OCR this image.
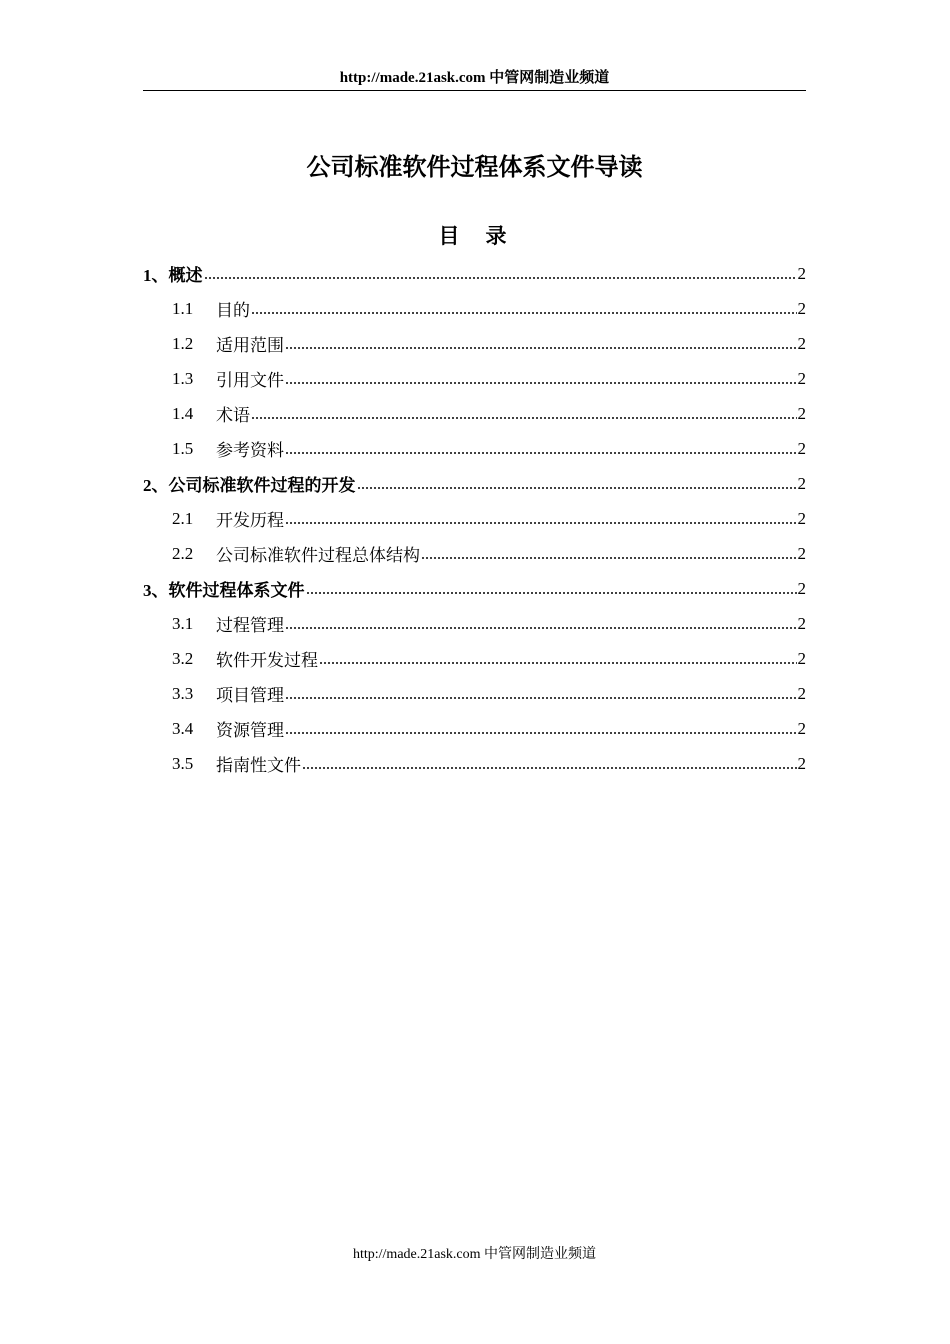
http://made.21ask.com 中管网制造业频道
公司标准软件过程体系文件导读
目 录
1、 概述	2
1.1	目的	2
1.2	适用范围	2
1.3	引用文件	2
1.4	术语	2
1.5	参考资料	2
2、 公司标准软件过程的开发	2
2.1	开发历程	2
2.2	公司标准软件过程总体结构	2
3、 软件过程体系文件	2
3.1	过程管理	2
3.2	软件开发过程	2
3.3	项目管理	2
3.4	资源管理	2
3.5	指南性文件	2
http://made.21ask.com 中管网制造业频道
